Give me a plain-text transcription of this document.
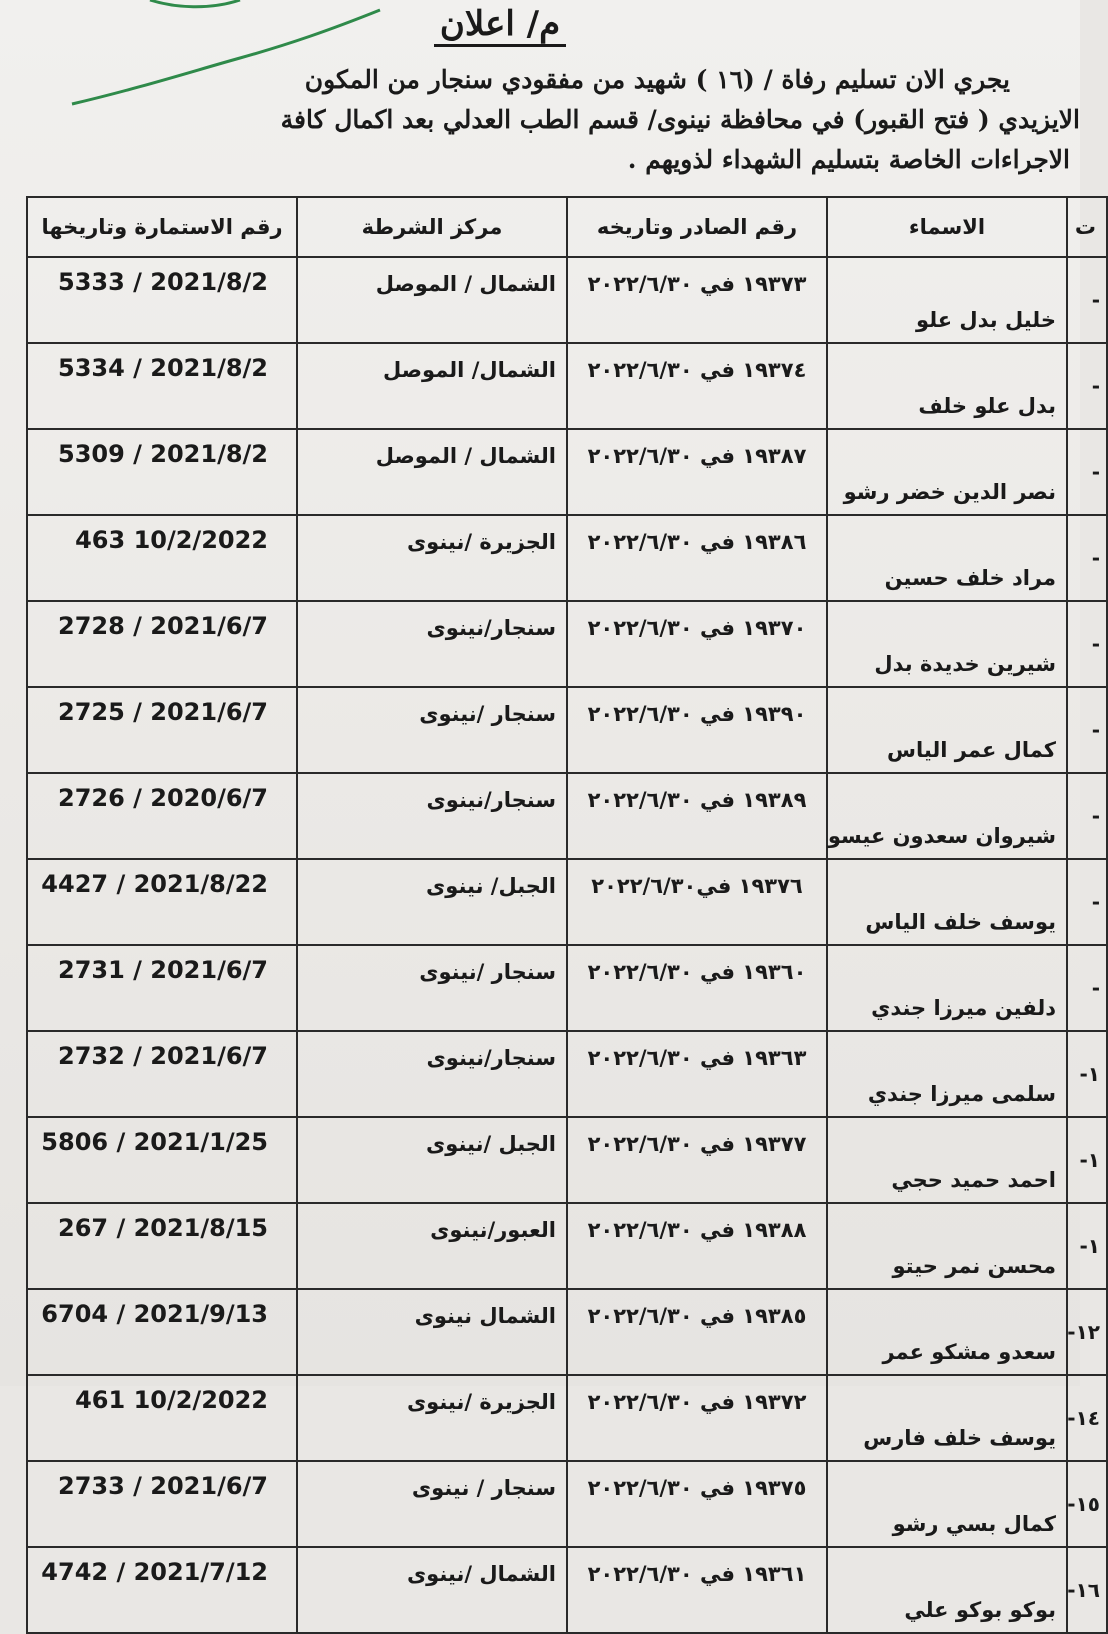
م/ اعلان

يجري الان تسليم رفاة / (١٦ ) شهيد من مفقودي سنجار من المكون

الايزيدي ( فتح القبور) في محافظة نينوى/ قسم الطب العدلي بعد اكمال كافة

الاجراءات الخاصة بتسليم الشهداء لذويهم .

ت	الاسماء	رقم الصادر وتاريخه	مركز الشرطة	رقم الاستمارة وتاريخها
-	خليل بدل علو	١٩٣٧٣ في ٢٠٢٢/٦/٣٠	الشمال / الموصل	5333 / 2021/8/2
-	بدل علو خلف	١٩٣٧٤ في ٢٠٢٢/٦/٣٠	الشمال/ الموصل	5334 / 2021/8/2
-	نصر الدين خضر رشو	١٩٣٨٧ في ٢٠٢٢/٦/٣٠	الشمال / الموصل	5309 / 2021/8/2
-	مراد خلف حسين	١٩٣٨٦ في ٢٠٢٢/٦/٣٠	الجزيرة /نينوى	463 10/2/2022
-	شيرين خديدة بدل	١٩٣٧٠ في ٢٠٢٢/٦/٣٠	سنجار/نينوى	2728 / 2021/6/7
-	كمال عمر الياس	١٩٣٩٠ في ٢٠٢٢/٦/٣٠	سنجار /نينوى	2725 / 2021/6/7
-	شيروان سعدون عيسو	١٩٣٨٩ في ٢٠٢٢/٦/٣٠	سنجار/نينوى	2726 / 2020/6/7
-	يوسف خلف الياس	١٩٣٧٦ في٢٠٢٢/٦/٣٠	الجبل/ نينوى	4427 / 2021/8/22
-	دلفين ميرزا جندي	١٩٣٦٠ في ٢٠٢٢/٦/٣٠	سنجار /نينوى	2731 / 2021/6/7
١-	سلمى ميرزا جندي	١٩٣٦٣ في ٢٠٢٢/٦/٣٠	سنجار/نينوى	2732 / 2021/6/7
١-	احمد حميد حجي	١٩٣٧٧ في ٢٠٢٢/٦/٣٠	الجبل /نينوى	5806 / 2021/1/25
١-	محسن نمر حيتو	١٩٣٨٨ في ٢٠٢٢/٦/٣٠	العبور/نينوى	267 / 2021/8/15
١٢-	سعدو مشكو عمر	١٩٣٨٥ في ٢٠٢٢/٦/٣٠	الشمال نينوى	6704 / 2021/9/13
١٤-	يوسف خلف فارس	١٩٣٧٢ في ٢٠٢٢/٦/٣٠	الجزيرة /نينوى	461 10/2/2022
١٥-	كمال بسي رشو	١٩٣٧٥ في ٢٠٢٢/٦/٣٠	سنجار / نينوى	2733 / 2021/6/7
١٦-	بوكو بوكو علي	١٩٣٦١ في ٢٠٢٢/٦/٣٠	الشمال /نينوى	4742 / 2021/7/12
